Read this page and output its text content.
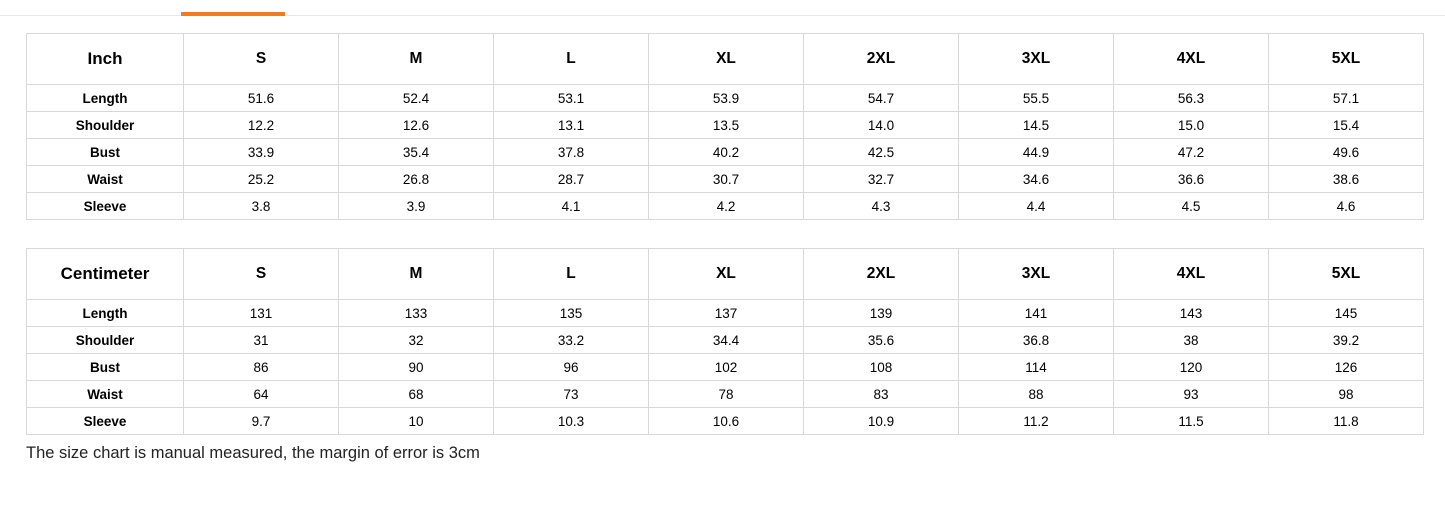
Inch	S	M	L	XL	2XL	3XL	4XL	5XL
Length	51.6	52.4	53.1	53.9	54.7	55.5	56.3	57.1
Shoulder	12.2	12.6	13.1	13.5	14.0	14.5	15.0	15.4
Bust	33.9	35.4	37.8	40.2	42.5	44.9	47.2	49.6
Waist	25.2	26.8	28.7	30.7	32.7	34.6	36.6	38.6
Sleeve	3.8	3.9	4.1	4.2	4.3	4.4	4.5	4.6
Centimeter	S	M	L	XL	2XL	3XL	4XL	5XL
Length	131	133	135	137	139	141	143	145
Shoulder	31	32	33.2	34.4	35.6	36.8	38	39.2
Bust	86	90	96	102	108	114	120	126
Waist	64	68	73	78	83	88	93	98
Sleeve	9.7	10	10.3	10.6	10.9	11.2	11.5	11.8
The size chart is manual measured, the margin of error is 3cm
